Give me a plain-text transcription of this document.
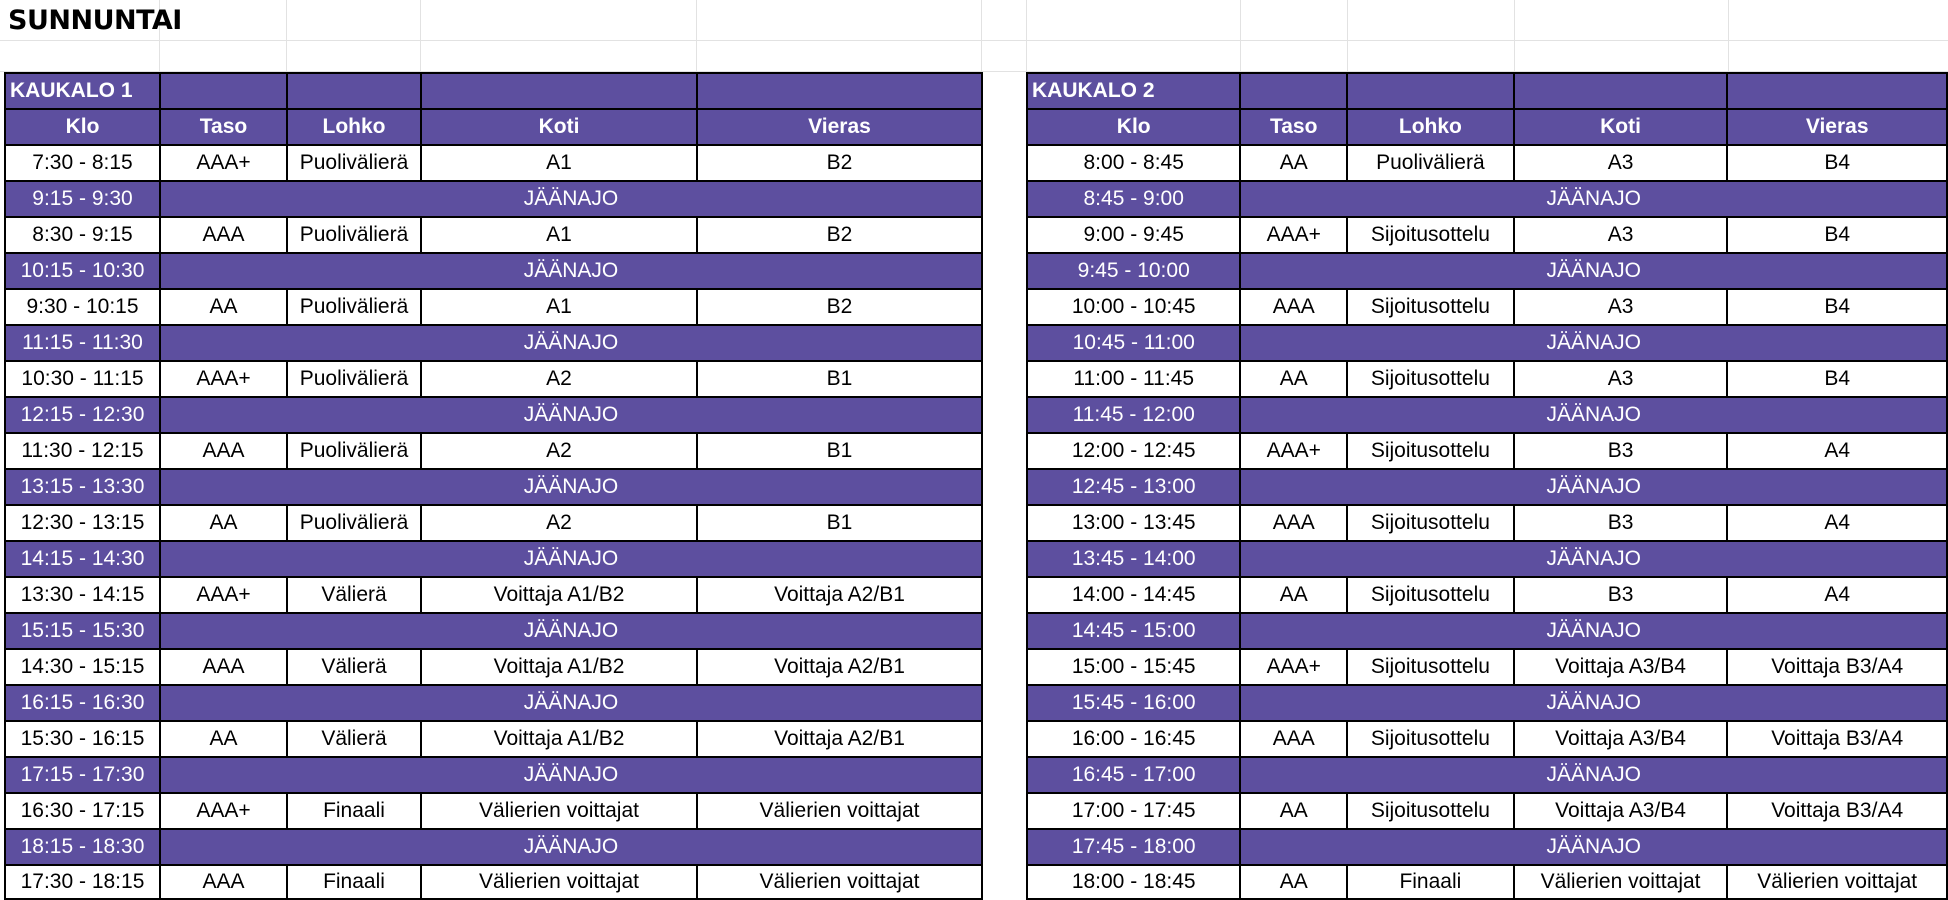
SUNNUNTAI
KAUKALO 1				
Klo	Taso	Lohko	Koti	Vieras
7:30 - 8:15	AAA+	Puolivälierä	A1	B2
9:15 - 9:30	JÄÄNAJO			
8:30 - 9:15	AAA	Puolivälierä	A1	B2
10:15 - 10:30	JÄÄNAJO			
9:30 - 10:15	AA	Puolivälierä	A1	B2
11:15 - 11:30	JÄÄNAJO			
10:30 - 11:15	AAA+	Puolivälierä	A2	B1
12:15 - 12:30	JÄÄNAJO			
11:30 - 12:15	AAA	Puolivälierä	A2	B1
13:15 - 13:30	JÄÄNAJO			
12:30 - 13:15	AA	Puolivälierä	A2	B1
14:15 - 14:30	JÄÄNAJO			
13:30 - 14:15	AAA+	Välierä	Voittaja A1/B2	Voittaja A2/B1
15:15 - 15:30	JÄÄNAJO			
14:30 - 15:15	AAA	Välierä	Voittaja A1/B2	Voittaja A2/B1
16:15 - 16:30	JÄÄNAJO			
15:30 - 16:15	AA	Välierä	Voittaja A1/B2	Voittaja A2/B1
17:15 - 17:30	JÄÄNAJO			
16:30 - 17:15	AAA+	Finaali	Välierien voittajat	Välierien voittajat
18:15 - 18:30	JÄÄNAJO			
17:30 - 18:15	AAA	Finaali	Välierien voittajat	Välierien voittajat
KAUKALO 2				
Klo	Taso	Lohko	Koti	Vieras
8:00 - 8:45	AA	Puolivälierä	A3	B4
8:45 - 9:00	JÄÄNAJO			
9:00 - 9:45	AAA+	Sijoitusottelu	A3	B4
9:45 - 10:00	JÄÄNAJO			
10:00 - 10:45	AAA	Sijoitusottelu	A3	B4
10:45 - 11:00	JÄÄNAJO			
11:00 - 11:45	AA	Sijoitusottelu	A3	B4
11:45 - 12:00	JÄÄNAJO			
12:00 - 12:45	AAA+	Sijoitusottelu	B3	A4
12:45 - 13:00	JÄÄNAJO			
13:00 - 13:45	AAA	Sijoitusottelu	B3	A4
13:45 - 14:00	JÄÄNAJO			
14:00 - 14:45	AA	Sijoitusottelu	B3	A4
14:45 - 15:00	JÄÄNAJO			
15:00 - 15:45	AAA+	Sijoitusottelu	Voittaja A3/B4	Voittaja B3/A4
15:45 - 16:00	JÄÄNAJO			
16:00 - 16:45	AAA	Sijoitusottelu	Voittaja A3/B4	Voittaja B3/A4
16:45 - 17:00	JÄÄNAJO			
17:00 - 17:45	AA	Sijoitusottelu	Voittaja A3/B4	Voittaja B3/A4
17:45 - 18:00	JÄÄNAJO			
18:00 - 18:45	AA	Finaali	Välierien voittajat	Välierien voittajat
